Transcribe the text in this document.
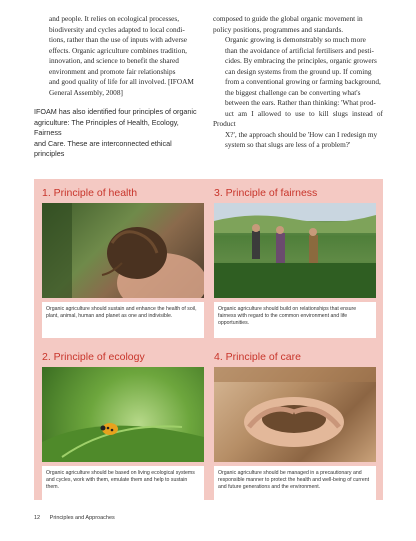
and people. It relies on ecological processes,

biodiversity and cycles adapted to local condi-

tions, rather than the use of inputs with adverse

effects. Organic agriculture combines tradition,

innovation, and science to benefit the shared

environment and promote fair relationships

and good quality of life for all involved. [IFOAM

General Assembly, 2008]

IFOAM has also identified four principles of organic

agriculture: The Principles of Health, Ecology, Fairness

and Care. These are interconnected ethical principles

composed to guide the global organic movement in

policy positions, programmes and standards.

Organic growing is demonstrably so much more

than the avoidance of artificial fertilisers and pesti-

cides. By embracing the principles, organic growers

can design systems from the ground up. If coming

from a conventional growing or farming background,

the biggest challenge can be converting what's

between the ears. Rather than thinking: 'What prod-

uct am I allowed to use to kill slugs instead of Product

X?', the approach should be 'How can I redesign my

system so that slugs are less of a problem?'

1. Principle of health
Organic agriculture should sustain and enhance the health of soil, plant, animal, human and planet as one and indivisible.
3. Principle of fairness
Organic agriculture should build on relationships that ensure fairness with regard to the common environment and life opportunities.
2. Principle of ecology
Organic agriculture should be based on living ecological systems and cycles, work with them, emulate them and help to sustain them.
4. Principle of care
Organic agriculture should be managed in a precautionary and responsible manner to protect the health and well-being of current and future generations and the environment.
12 Principles and Approaches
